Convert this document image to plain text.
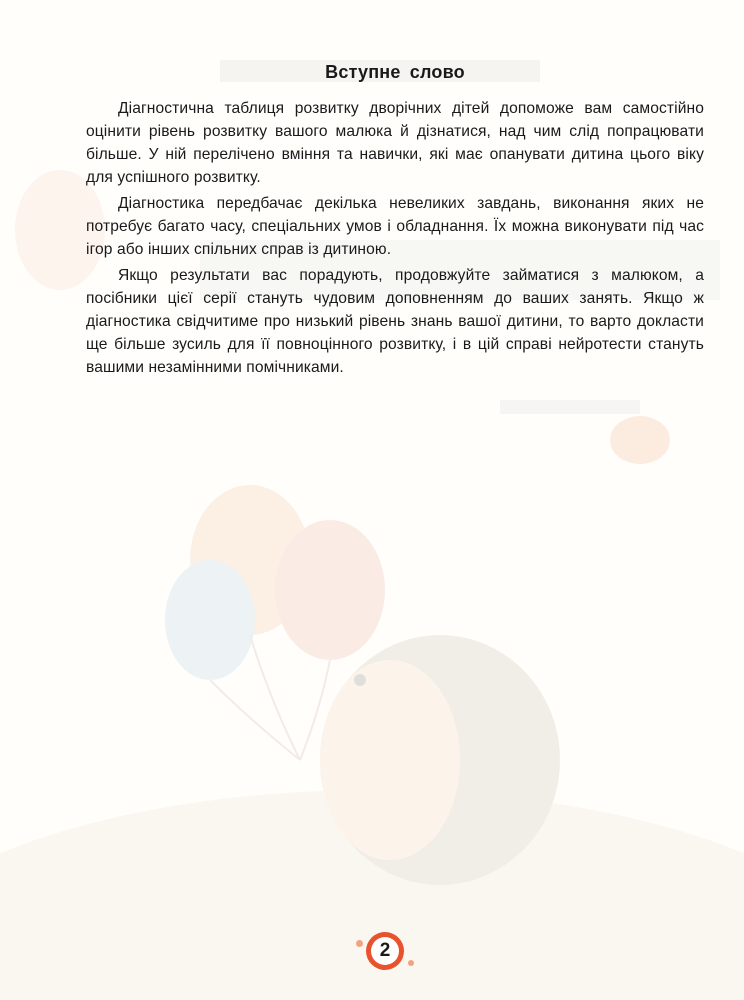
Вступне слово

Діагностична таблиця розвитку дворічних дітей допоможе вам самостійно оцінити рівень розвитку вашого малюка й дізнатися, над чим слід попрацювати більше. У ній перелічено вміння та навички, які має опанувати дитина цього віку для успішного розвитку.

Діагностика передбачає декілька невеликих завдань, виконання яких не потребує багато часу, спеціальних умов і обладнання. Їх можна виконувати під час ігор або інших спільних справ із дитиною.

Якщо результати вас порадують, продовжуйте займатися з малюком, а посібники цієї серії стануть чудовим доповненням до ваших занять. Якщо ж діагностика свідчитиме про низький рівень знань вашої дитини, то варто докласти ще більше зусиль для її повноцінного розвитку, і в цій справі нейротести стануть вашими незамінними помічниками.

2
